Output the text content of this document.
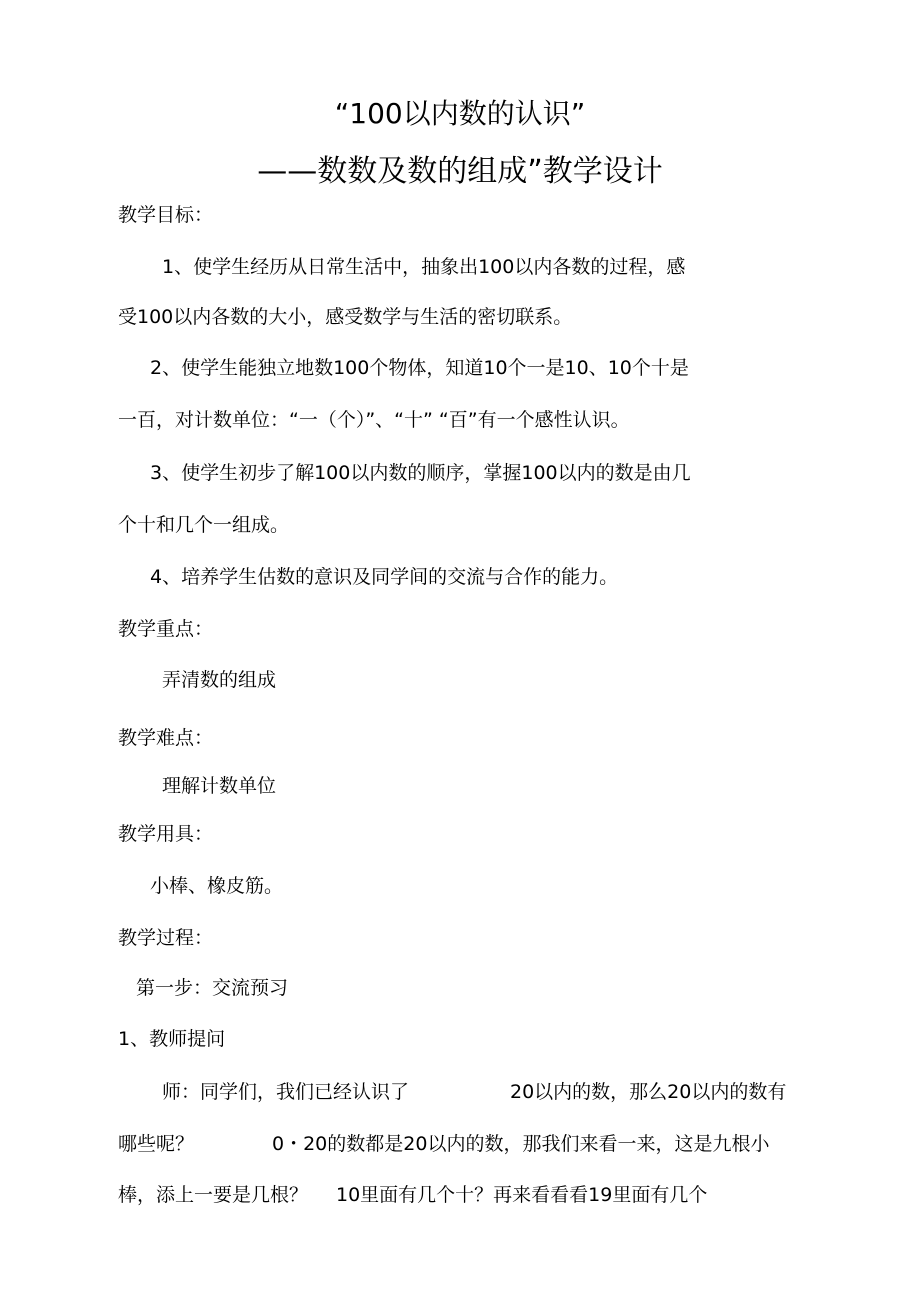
“100以内数的认识”
——数数及数的组成”教学设计
教学目标：
1、使学生经历从日常生活中，抽象出100以内各数的过程，感
受100以内各数的大小，感受数学与生活的密切联系。
2、使学生能独立地数100个物体，知道10个一是10、10个十是
一百，对计数单位：“一（个）”、“十” “百”有一个感性认识。
3、使学生初步了解100以内数的顺序，掌握100以内的数是由几
个十和几个一组成。
4、培养学生估数的意识及同学间的交流与合作的能力。
教学重点：
弄清数的组成
教学难点：
理解计数单位
教学用具：
小棒、橡皮筋。
教学过程：
第一步：交流预习
1、教师提问
师：同学们，我们已经认识了	20以内的数，那么20以内的数有
哪些呢？	0・20的数都是20以内的数，那我们来看一来，这是九根小
棒，添上一要是几根？ 10里面有几个十？再来看看看19里面有几个
